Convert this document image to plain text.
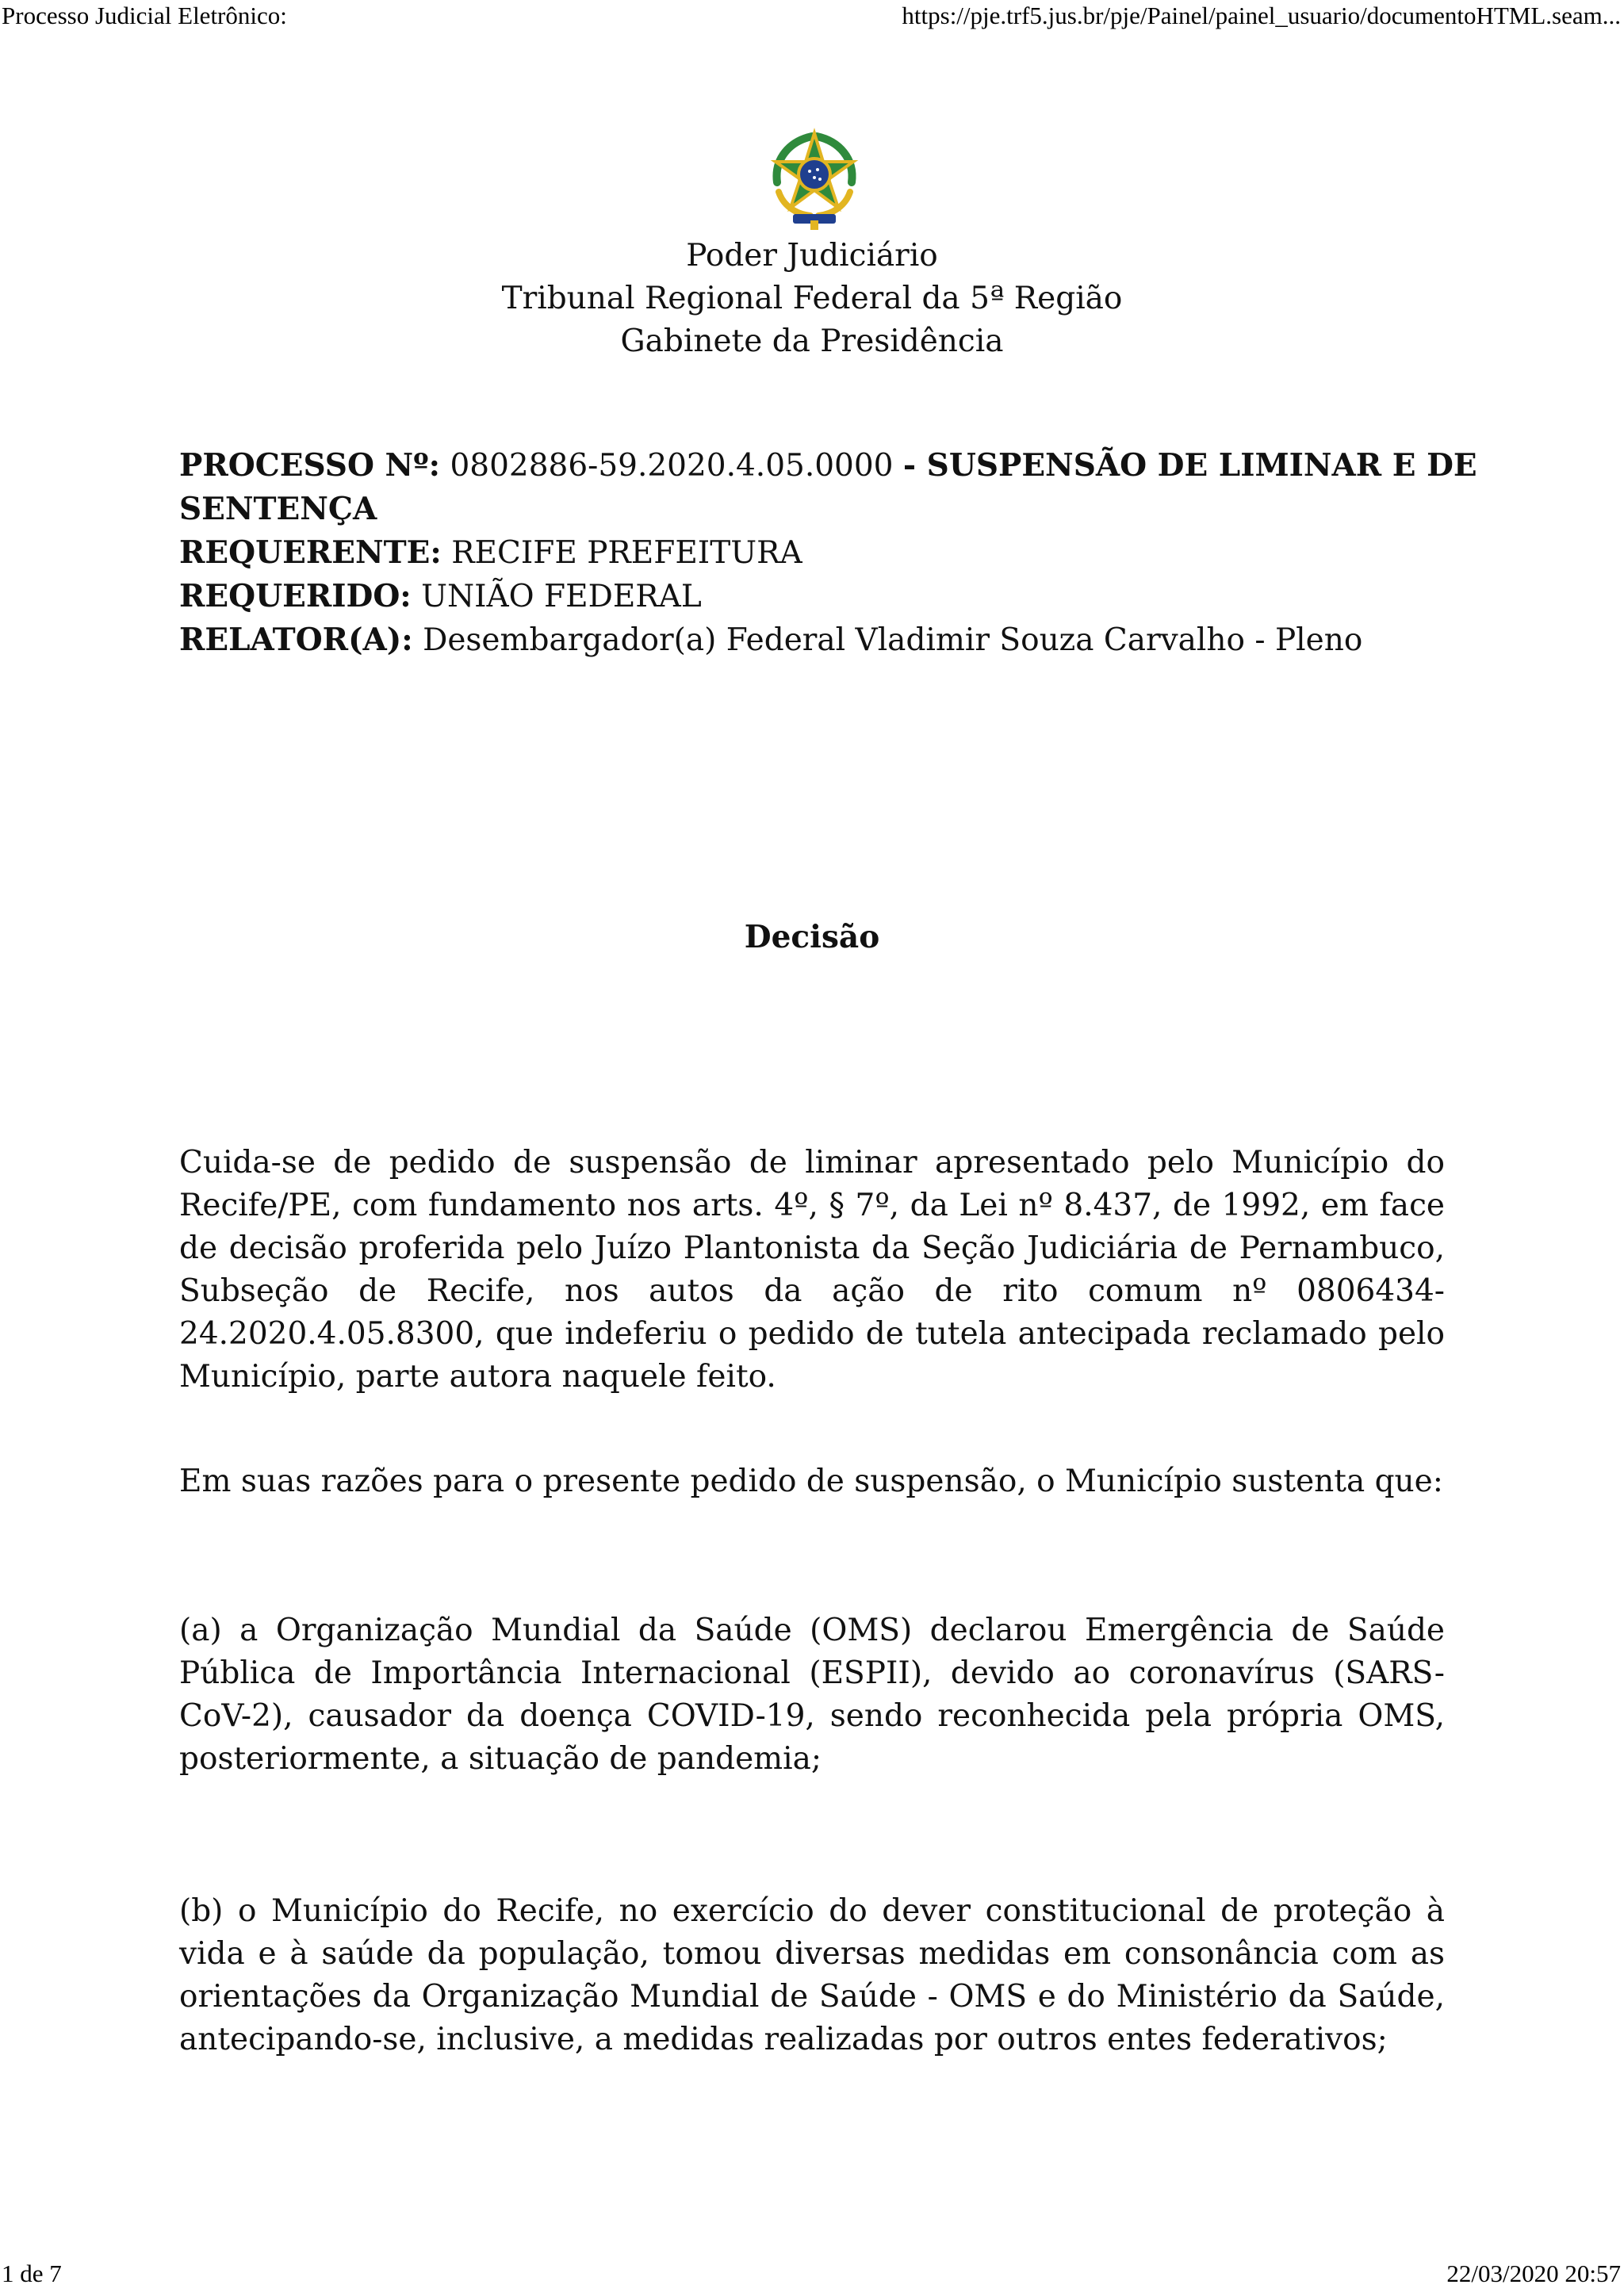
Processo Judicial Eletrônico:	https://pje.trf5.jus.br/pje/Painel/painel_usuario/documentoHTML.seam...
Poder Judiciário
Tribunal Regional Federal da 5ª Região
Gabinete da Presidência
PROCESSO Nº: 0802886-59.2020.4.05.0000 - SUSPENSÃO DE LIMINAR E DE
SENTENÇA
REQUERENTE: RECIFE PREFEITURA
REQUERIDO: UNIÃO FEDERAL
RELATOR(A): Desembargador(a) Federal Vladimir Souza Carvalho - Pleno
Decisão

Cuida-se de pedido de suspensão de liminar apresentado pelo Município do Recife/PE, com fundamento nos arts. 4º, § 7º, da Lei nº 8.437, de 1992, em face de decisão proferida pelo Juízo Plantonista da Seção Judiciária de Pernambuco, Subseção de Recife, nos autos da ação de rito comum nº 0806434-24.2020.4.05.8300, que indeferiu o pedido de tutela antecipada reclamado pelo Município, parte autora naquele feito.

Em suas razões para o presente pedido de suspensão, o Município sustenta que:

(a) a Organização Mundial da Saúde (OMS) declarou Emergência de Saúde Pública de Importância Internacional (ESPII), devido ao coronavírus (SARS-CoV-2), causador da doença COVID-19, sendo reconhecida pela própria OMS, posteriormente, a situação de pandemia;

(b) o Município do Recife, no exercício do dever constitucional de proteção à vida e à saúde da população, tomou diversas medidas em consonância com as orientações da Organização Mundial de Saúde - OMS e do Ministério da Saúde, antecipando-se, inclusive, a medidas realizadas por outros entes federativos;

1 de 7	22/03/2020 20:57
